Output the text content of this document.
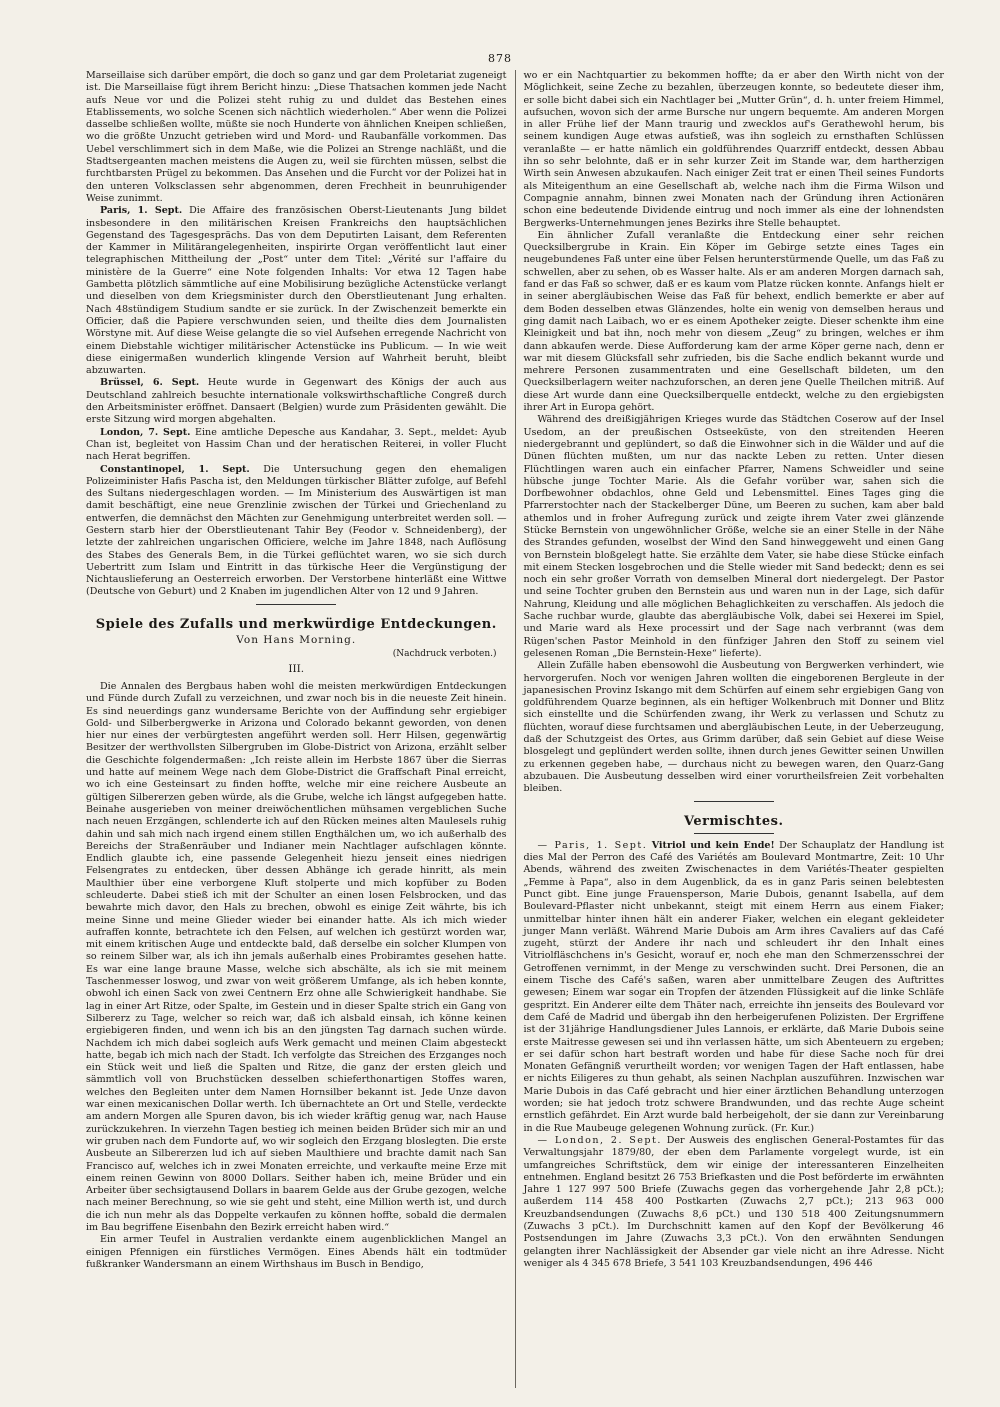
878

Marseillaise sich darüber empört, die doch so ganz und gar dem Proletariat zugeneigt ist. Die Marseillaise fügt ihrem Bericht hinzu: „Diese Thatsachen kommen jede Nacht aufs Neue vor und die Polizei steht ruhig zu und duldet das Bestehen eines Etablissements, wo solche Scenen sich nächtlich wiederholen.“ Aber wenn die Polizei dasselbe schließen wollte, müßte sie noch Hunderte von ähnlichen Kneipen schließen, wo die größte Unzucht getrieben wird und Mord- und Raubanfälle vorkommen. Das Uebel verschlimmert sich in dem Maße, wie die Polizei an Strenge nachläßt, und die Stadtsergeanten machen meistens die Augen zu, weil sie fürchten müssen, selbst die furchtbarsten Prügel zu bekommen. Das Ansehen und die Furcht vor der Polizei hat in den unteren Volksclassen sehr abgenommen, deren Frechheit in beunruhigender Weise zunimmt.

Paris, 1. Sept. Die Affaire des französischen Oberst-Lieutenants Jung bildet insbesondere in den militärischen Kreisen Frankreichs den hauptsächlichen Gegenstand des Tagesgesprächs. Das von dem Deputirten Laisant, dem Referenten der Kammer in Militärangelegenheiten, inspirirte Organ veröffentlicht laut einer telegraphischen Mittheilung der „Post“ unter dem Titel: „Vérité sur l'affaire du ministère de la Guerre“ eine Note folgenden Inhalts: Vor etwa 12 Tagen habe Gambetta plötzlich sämmtliche auf eine Mobilisirung bezügliche Actenstücke verlangt und dieselben von dem Kriegsminister durch den Oberstlieutenant Jung erhalten. Nach 48stündigem Studium sandte er sie zurück. In der Zwischenzeit bemerkte ein Officier, daß die Papiere verschwunden seien, und theilte dies dem Journalisten Wörstyne mit. Auf diese Weise gelangte die so viel Aufsehen erregende Nachricht von einem Diebstahle wichtiger militärischer Actenstücke ins Publicum. — In wie weit diese einigermaßen wunderlich klingende Version auf Wahrheit beruht, bleibt abzuwarten.

Brüssel, 6. Sept. Heute wurde in Gegenwart des Königs der auch aus Deutschland zahlreich besuchte internationale volkswirthschaftliche Congreß durch den Arbeitsminister eröffnet. Dansaert (Belgien) wurde zum Präsidenten gewählt. Die erste Sitzung wird morgen abgehalten.

London, 7. Sept. Eine amtliche Depesche aus Kandahar, 3. Sept., meldet: Ayub Chan ist, begleitet von Hassim Chan und der heratischen Reiterei, in voller Flucht nach Herat begriffen.

Constantinopel, 1. Sept. Die Untersuchung gegen den ehemaligen Polizeiminister Hafis Pascha ist, den Meldungen türkischer Blätter zufolge, auf Befehl des Sultans niedergeschlagen worden. — Im Ministerium des Auswärtigen ist man damit beschäftigt, eine neue Grenzlinie zwischen der Türkei und Griechenland zu entwerfen, die demnächst den Mächten zur Genehmigung unterbreitet werden soll. — Gestern starb hier der Oberstlieutenant Tahir Bey (Feodor v. Schneidenberg), der letzte der zahlreichen ungarischen Officiere, welche im Jahre 1848, nach Auflösung des Stabes des Generals Bem, in die Türkei geflüchtet waren, wo sie sich durch Uebertritt zum Islam und Eintritt in das türkische Heer die Vergünstigung der Nichtauslieferung an Oesterreich erworben. Der Verstorbene hinterläßt eine Wittwe (Deutsche von Geburt) und 2 Knaben im jugendlichen Alter von 12 und 9 Jahren.

Spiele des Zufalls und merkwürdige Entdeckungen.
Von Hans Morning.
(Nachdruck verboten.)
III.

Die Annalen des Bergbaus haben wohl die meisten merkwürdigen Entdeckungen und Fünde durch Zufall zu verzeichnen, und zwar noch bis in die neueste Zeit hinein. Es sind neuerdings ganz wundersame Berichte von der Auffindung sehr ergiebiger Gold- und Silberbergwerke in Arizona und Colorado bekannt geworden, von denen hier nur eines der verbürgtesten angeführt werden soll. Herr Hilsen, gegenwärtig Besitzer der werthvollsten Silbergruben im Globe-District von Arizona, erzählt selber die Geschichte folgendermaßen: „Ich reiste allein im Herbste 1867 über die Sierras und hatte auf meinem Wege nach dem Globe-District die Graffschaft Pinal erreicht, wo ich eine Gesteinsart zu finden hoffte, welche mir eine reichere Ausbeute an gültigen Silbererzen geben würde, als die Grube, welche ich längst aufgegeben hatte. Beinahe ausgerieben von meiner dreiwöchentlichen mühsamen vergeblichen Suche nach neuen Erzgängen, schlenderte ich auf den Rücken meines alten Maulesels ruhig dahin und sah mich nach irgend einem stillen Engthälchen um, wo ich außerhalb des Bereichs der Straßenräuber und Indianer mein Nachtlager aufschlagen könnte. Endlich glaubte ich, eine passende Gelegenheit hiezu jenseit eines niedrigen Felsengrates zu entdecken, über dessen Abhänge ich gerade hinritt, als mein Maulthier über eine verborgene Kluft stolperte und mich kopfüber zu Boden schleuderte. Dabei stieß ich mit der Schulter an einen losen Felsbrocken, und das bewahrte mich davor, den Hals zu brechen, obwohl es einige Zeit währte, bis ich meine Sinne und meine Glieder wieder bei einander hatte. Als ich mich wieder aufraffen konnte, betrachtete ich den Felsen, auf welchen ich gestürzt worden war, mit einem kritischen Auge und entdeckte bald, daß derselbe ein solcher Klumpen von so reinem Silber war, als ich ihn jemals außerhalb eines Probiramtes gesehen hatte. Es war eine lange braune Masse, welche sich abschälte, als ich sie mit meinem Taschenmesser loswog, und zwar von weit größerem Umfange, als ich heben konnte, obwohl ich einen Sack von zwei Centnern Erz ohne alle Schwierigkeit handhabe. Sie lag in einer Art Ritze, oder Spalte, im Gestein und in dieser Spalte strich ein Gang von Silbererz zu Tage, welcher so reich war, daß ich alsbald einsah, ich könne keinen ergiebigeren finden, und wenn ich bis an den jüngsten Tag darnach suchen würde. Nachdem ich mich dabei sogleich aufs Werk gemacht und meinen Claim abgesteckt hatte, begab ich mich nach der Stadt. Ich verfolgte das Streichen des Erzganges noch ein Stück weit und ließ die Spalten und Ritze, die ganz der ersten gleich und sämmtlich voll von Bruchstücken desselben schieferthonartigen Stoffes waren, welches den Begleiten unter dem Namen Hornsilber bekannt ist. Jede Unze davon war einen mexicanischen Dollar werth. Ich übernachtete an Ort und Stelle, verdeckte am andern Morgen alle Spuren davon, bis ich wieder kräftig genug war, nach Hause zurückzukehren. In vierzehn Tagen bestieg ich meinen beiden Brüder sich mir an und wir gruben nach dem Fundorte auf, wo wir sogleich den Erzgang bloslegten. Die erste Ausbeute an Silbererzen lud ich auf sieben Maulthiere und brachte damit nach San Francisco auf, welches ich in zwei Monaten erreichte, und verkaufte meine Erze mit einem reinen Gewinn von 8000 Dollars. Seither haben ich, meine Brüder und ein Arbeiter über sechsigtausend Dollars in baarem Gelde aus der Grube gezogen, welche nach meiner Berechnung, so wie sie geht und steht, eine Million werth ist, und durch die ich nun mehr als das Doppelte verkaufen zu können hoffte, sobald die dermalen im Bau begriffene Eisenbahn den Bezirk erreicht haben wird.“

Ein armer Teufel in Australien verdankte einem augenblicklichen Mangel an einigen Pfennigen ein fürstliches Vermögen. Eines Abends hält ein todtmüder fußkranker Wandersmann an einem Wirthshaus im Busch in Bendigo,

wo er ein Nachtquartier zu bekommen hoffte; da er aber den Wirth nicht von der Möglichkeit, seine Zeche zu bezahlen, überzeugen konnte, so bedeutete dieser ihm, er solle bicht dabei sich ein Nachtlager bei „Mutter Grün“, d. h. unter freiem Himmel, aufsuchen, wovon sich der arme Bursche nur ungern bequemte. Am anderen Morgen in aller Frühe lief der Mann traurig und zwecklos auf's Gerathewohl herum, bis seinem kundigen Auge etwas aufstieß, was ihn sogleich zu ernsthaften Schlüssen veranlaßte — er hatte nämlich ein goldführendes Quarzriff entdeckt, dessen Abbau ihn so sehr belohnte, daß er in sehr kurzer Zeit im Stande war, dem hartherzigen Wirth sein Anwesen abzukaufen. Nach einiger Zeit trat er einen Theil seines Fundorts als Miteigenthum an eine Gesellschaft ab, welche nach ihm die Firma Wilson und Compagnie annahm, binnen zwei Monaten nach der Gründung ihren Actionären schon eine bedeutende Dividende eintrug und noch immer als eine der lohnendsten Bergwerks-Unternehmungen jenes Bezirks ihre Stelle behauptet.

Ein ähnlicher Zufall veranlaßte die Entdeckung einer sehr reichen Quecksilbergrube in Krain. Ein Köper im Gebirge setzte eines Tages ein neugebundenes Faß unter eine über Felsen herunterstürmende Quelle, um das Faß zu schwellen, aber zu sehen, ob es Wasser halte. Als er am anderen Morgen darnach sah, fand er das Faß so schwer, daß er es kaum vom Platze rücken konnte. Anfangs hielt er in seiner abergläubischen Weise das Faß für behext, endlich bemerkte er aber auf dem Boden desselben etwas Glänzendes, holte ein wenig von demselben heraus und ging damit nach Laibach, wo er es einem Apotheker zeigte. Dieser schenkte ihm eine Kleinigkeit und bat ihn, noch mehr von diesem „Zeug“ zu bringen, welches er ihm dann abkaufen werde. Diese Aufforderung kam der arme Köper gerne nach, denn er war mit diesem Glücksfall sehr zufrieden, bis die Sache endlich bekannt wurde und mehrere Personen zusammentraten und eine Gesellschaft bildeten, um den Quecksilberlagern weiter nachzuforschen, an deren jene Quelle Theilchen mitriß. Auf diese Art wurde dann eine Quecksilberquelle entdeckt, welche zu den ergiebigsten ihrer Art in Europa gehört.

Während des dreißigjährigen Krieges wurde das Städtchen Coserow auf der Insel Usedom, an der preußischen Ostseeküste, von den streitenden Heeren niedergebrannt und geplündert, so daß die Einwohner sich in die Wälder und auf die Dünen flüchten mußten, um nur das nackte Leben zu retten. Unter diesen Flüchtlingen waren auch ein einfacher Pfarrer, Namens Schweidler und seine hübsche junge Tochter Marie. Als die Gefahr vorüber war, sahen sich die Dorfbewohner obdachlos, ohne Geld und Lebensmittel. Eines Tages ging die Pfarrerstochter nach der Stackelberger Düne, um Beeren zu suchen, kam aber bald athemlos und in froher Aufregung zurück und zeigte ihrem Vater zwei glänzende Stücke Bernstein von ungewöhnlicher Größe, welche sie an einer Stelle in der Nähe des Strandes gefunden, woselbst der Wind den Sand hinweggeweht und einen Gang von Bernstein bloßgelegt hatte. Sie erzählte dem Vater, sie habe diese Stücke einfach mit einem Stecken losgebrochen und die Stelle wieder mit Sand bedeckt; denn es sei noch ein sehr großer Vorrath von demselben Mineral dort niedergelegt. Der Pastor und seine Tochter gruben den Bernstein aus und waren nun in der Lage, sich dafür Nahrung, Kleidung und alle möglichen Behaglichkeiten zu verschaffen. Als jedoch die Sache ruchbar wurde, glaubte das abergläubische Volk, dabei sei Hexerei im Spiel, und Marie ward als Hexe processirt und der Sage nach verbrannt (was dem Rügen'schen Pastor Meinhold in den fünfziger Jahren den Stoff zu seinem viel gelesenen Roman „Die Bernstein-Hexe“ lieferte).

Allein Zufälle haben ebensowohl die Ausbeutung von Bergwerken verhindert, wie hervorgerufen. Noch vor wenigen Jahren wollten die eingeborenen Bergleute in der japanesischen Provinz Iskango mit dem Schürfen auf einem sehr ergiebigen Gang von goldführendem Quarze beginnen, als ein heftiger Wolkenbruch mit Donner und Blitz sich einstellte und die Schürfenden zwang, ihr Werk zu verlassen und Schutz zu flüchten, worauf diese furchtsamen und abergläubischen Leute, in der Ueberzeugung, daß der Schutzgeist des Ortes, aus Grimm darüber, daß sein Gebiet auf diese Weise blosgelegt und geplündert werden sollte, ihnen durch jenes Gewitter seinen Unwillen zu erkennen gegeben habe, — durchaus nicht zu bewegen waren, den Quarz-Gang abzubauen. Die Ausbeutung desselben wird einer vorurtheilsfreien Zeit vorbehalten bleiben.

Vermischtes.

— Paris, 1. Sept. Vitriol und kein Ende! Der Schauplatz der Handlung ist dies Mal der Perron des Café des Variétés am Boulevard Montmartre, Zeit: 10 Uhr Abends, während des zweiten Zwischenactes in dem Variétés-Theater gespielten „Femme à Papa“, also in dem Augenblick, da es in ganz Paris seinen belebtesten Punct gibt. Eine junge Frauensperson, Marie Dubois, genannt Isabella, auf dem Boulevard-Pflaster nicht unbekannt, steigt mit einem Herrn aus einem Fiaker; unmittelbar hinter ihnen hält ein anderer Fiaker, welchen ein elegant gekleideter junger Mann verläßt. Während Marie Dubois am Arm ihres Cavaliers auf das Café zugeht, stürzt der Andere ihr nach und schleudert ihr den Inhalt eines Vitriolfläschchens in's Gesicht, worauf er, noch ehe man den Schmerzensschrei der Getroffenen vernimmt, in der Menge zu verschwinden sucht. Drei Personen, die an einem Tische des Café's saßen, waren aber unmittelbare Zeugen des Auftrittes gewesen; Einem war sogar ein Tropfen der ätzenden Flüssigkeit auf die linke Schläfe gespritzt. Ein Anderer eilte dem Thäter nach, erreichte ihn jenseits des Boulevard vor dem Café de Madrid und übergab ihn den herbeigerufenen Polizisten. Der Ergriffene ist der 31jährige Handlungsdiener Jules Lannois, er erklärte, daß Marie Dubois seine erste Maitresse gewesen sei und ihn verlassen hätte, um sich Abenteuern zu ergeben; er sei dafür schon hart bestraft worden und habe für diese Sache noch für drei Monaten Gefängniß verurtheilt worden; vor wenigen Tagen der Haft entlassen, habe er nichts Eiligeres zu thun gehabt, als seinen Nachplan auszuführen. Inzwischen war Marie Dubois in das Café gebracht und hier einer ärztlichen Behandlung unterzogen worden; sie hat jedoch trotz schwere Brandwunden, und das rechte Auge scheint ernstlich gefährdet. Ein Arzt wurde bald herbeigeholt, der sie dann zur Vereinbarung in die Rue Maubeuge gelegenen Wohnung zurück. (Fr. Kur.)

— London, 2. Sept. Der Ausweis des englischen General-Postamtes für das Verwaltungsjahr 1879/80, der eben dem Parlamente vorgelegt wurde, ist ein umfangreiches Schriftstück, dem wir einige der interessanteren Einzelheiten entnehmen. England besitzt 26 753 Briefkasten und die Post beförderte im erwähnten Jahre 1 127 997 500 Briefe (Zuwachs gegen das vorhergehende Jahr 2,8 pCt.); außerdem 114 458 400 Postkarten (Zuwachs 2,7 pCt.); 213 963 000 Kreuzbandsendungen (Zuwachs 8,6 pCt.) und 130 518 400 Zeitungsnummern (Zuwachs 3 pCt.). Im Durchschnitt kamen auf den Kopf der Bevölkerung 46 Postsendungen im Jahre (Zuwachs 3,3 pCt.). Von den erwähnten Sendungen gelangten ihrer Nachlässigkeit der Absender gar viele nicht an ihre Adresse. Nicht weniger als 4 345 678 Briefe, 3 541 103 Kreuzbandsendungen, 496 446
